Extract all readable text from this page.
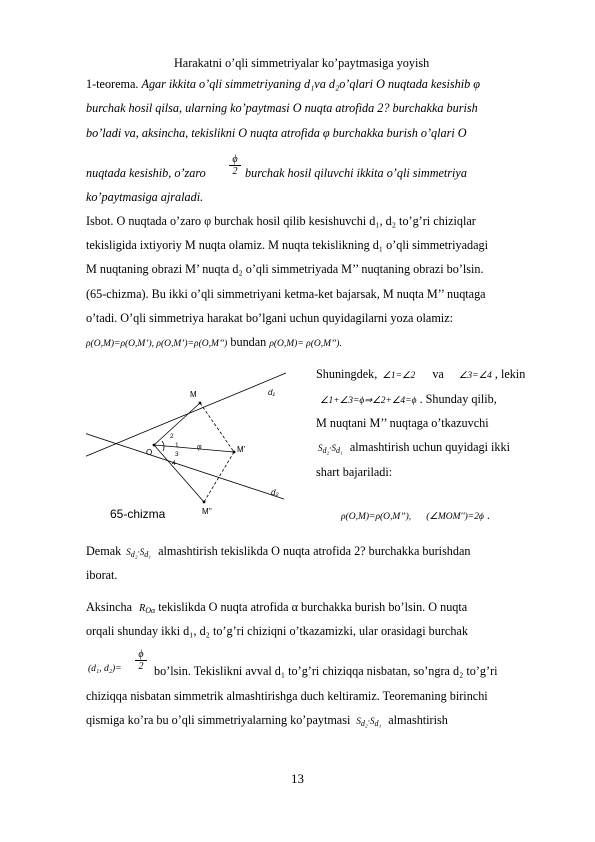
Harakatni o’qli simmetriyalar ko’paytmasiga yoyish
1-teorema. Agar ikkita o’qli simmetriyaning d₁va d₂o’qlari O nuqtada kesishib φ
burchak hosil qilsa, ularning ko’paytmasi O nuqta atrofida 2? burchakka burish
bo’ladi va, aksincha, tekislikni O nuqta atrofida φ burchakka burish o’qlari O
nuqtada kesishib, o’zaro $\frac{\phi}{2}$ burchak hosil qiluvchi ikkita o’qli simmetriya
ko’paytmasiga ajraladi.
Isbot. O nuqtada o’zaro φ burchak hosil qilib kesishuvchi d₁, d₂ to’g’ri chiziqlar
tekisligida ixtiyoriy M nuqta olamiz. M nuqta tekislikning d₁ o’qli simmetriyadagi
M nuqtaning obrazi M’ nuqta d₂ o’qli simmetriyada M’’ nuqtaning obrazi bo’lsin.
(65-chizma). Bu ikki o’qli simmetriyani ketma-ket bajarsak, M nuqta M’’ nuqtaga
o’tadi. O’qli simmetriya harakat bo’lgani uchun quyidagilarni yoza olamiz:
ρ(O,M)=ρ(O,M’), ρ(O,M’)=ρ(O,M’’) bundan ρ(O,M)= ρ(O,M’’).
M
M'
M''
O
d₁
d₂
φ
2
1
3
4
65-chizma
Shuningdek, ∠1=∠2 va ∠3=∠4 , lekin
∠1+∠3=ϕ⇒∠2+∠4=ϕ . Shunday qilib,
M nuqtani M’’ nuqtaga o’tkazuvchi
Sd₂·Sd₁ almashtirish uchun quyidagi ikki
shart bajariladi:
ρ(O,M)=ρ(O,M’’), (∠MOM'')=2ϕ .
Demak Sd₂·Sd₁ almashtirish tekislikda O nuqta atrofida 2? burchakka burishdan
iborat.
Aksincha $R_{O\alpha}$ tekislikda O nuqta atrofida α burchakka burish bo’lsin. O nuqta
orqali shunday ikki d₁, d₂ to’g’ri chiziqni o’tkazamizki, ular orasidagi burchak
(d₁, $d_2)= \frac{\phi}{2}$ bo’lsin. Tekislikni avval d₁ to’g’ri chiziqqa nisbatan, so’ngra d₂ to’g’ri
chiziqqa nisbatan simmetrik almashtirishga duch keltiramiz. Teoremaning birinchi
qismiga ko’ra bu o’qli simmetriyalarning ko’paytmasi Sd₂·Sd₁ almashtirish
13
